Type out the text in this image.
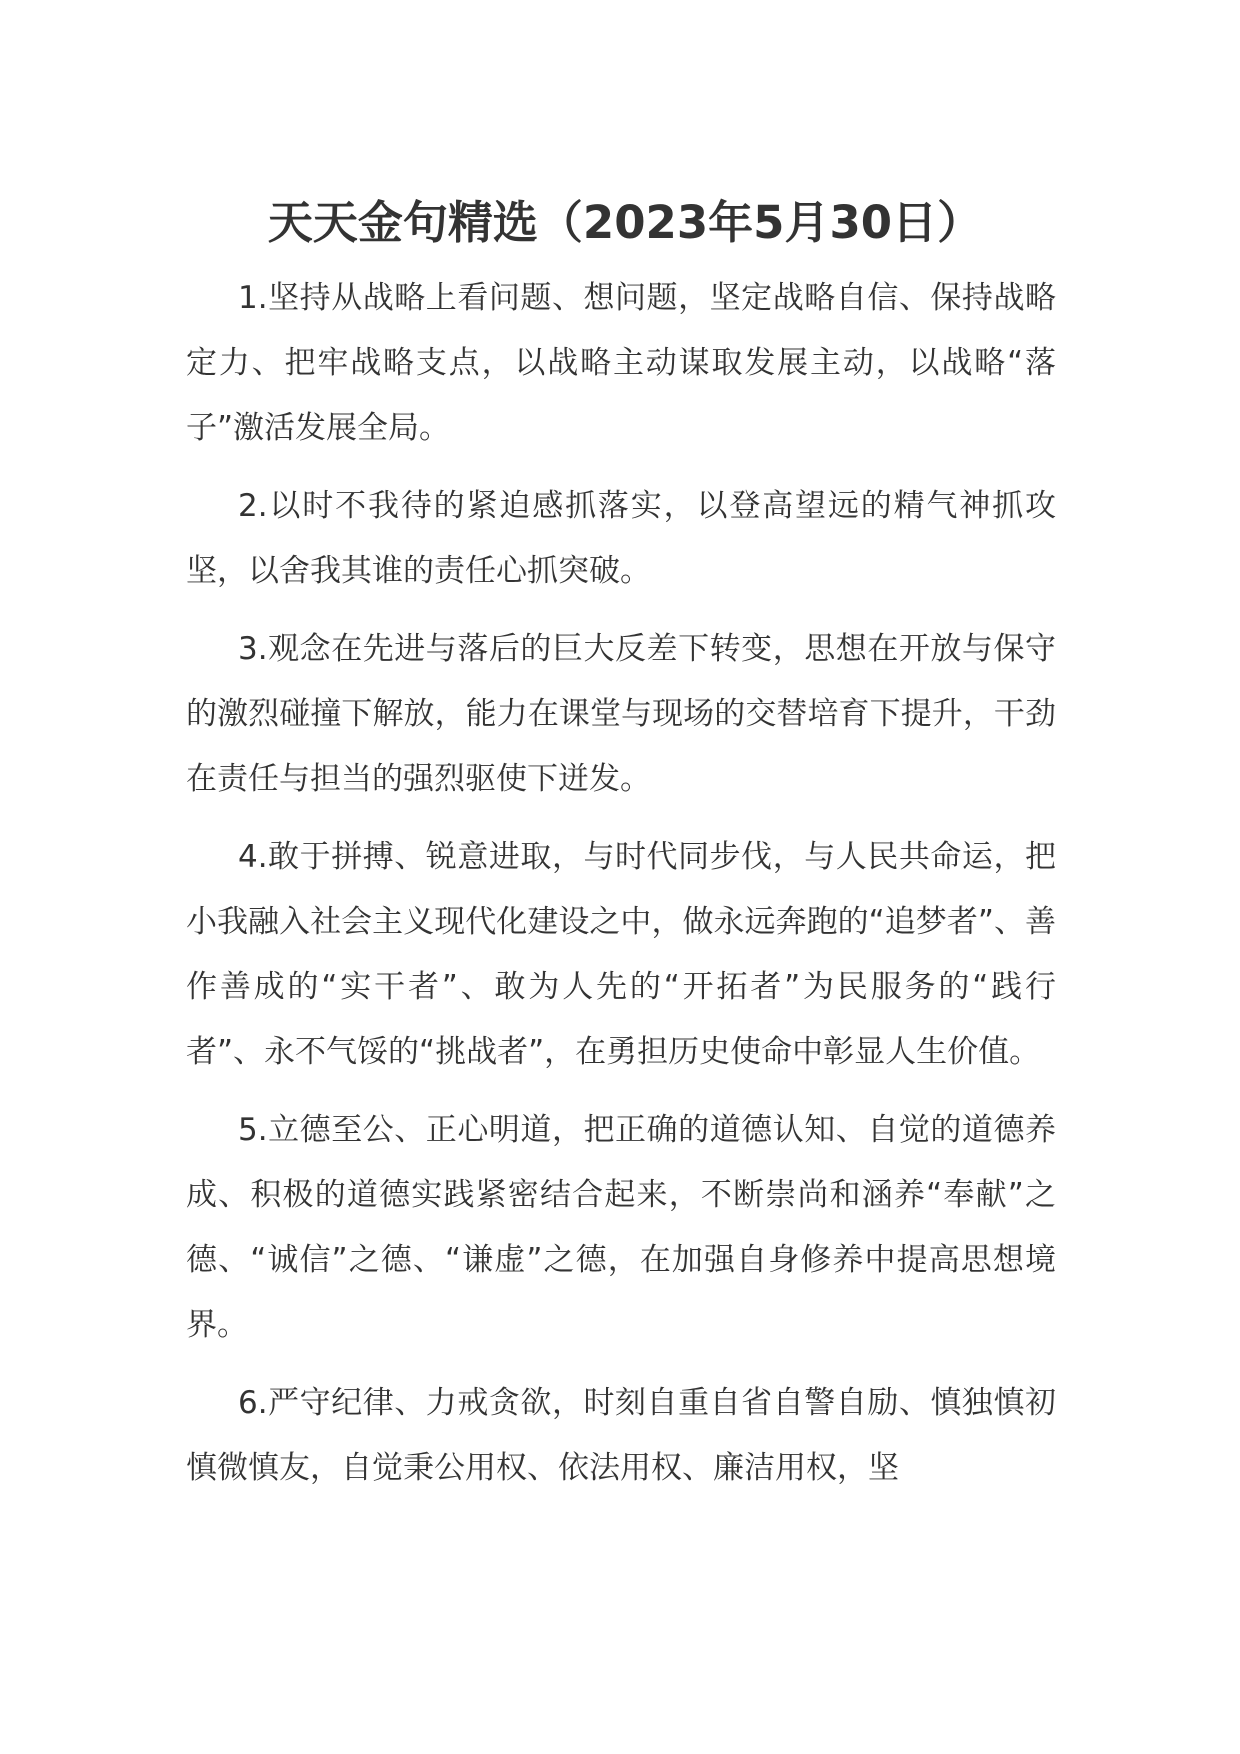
天天金句精选（2023年5月30日）

1.坚持从战略上看问题、想问题，坚定战略自信、保持战略定力、把牢战略支点，以战略主动谋取发展主动，以战略“落子”激活发展全局。

2.以时不我待的紧迫感抓落实，以登高望远的精气神抓攻坚，以舍我其谁的责任心抓突破。

3.观念在先进与落后的巨大反差下转变，思想在开放与保守的激烈碰撞下解放，能力在课堂与现场的交替培育下提升，干劲在责任与担当的强烈驱使下迸发。

4.敢于拼搏、锐意进取，与时代同步伐，与人民共命运，把小我融入社会主义现代化建设之中，做永远奔跑的“追梦者”、善作善成的“实干者”、敢为人先的“开拓者”为民服务的“践行者”、永不气馁的“挑战者”，在勇担历史使命中彰显人生价值。

5.立德至公、正心明道，把正确的道德认知、自觉的道德养成、积极的道德实践紧密结合起来，不断崇尚和涵养“奉献”之德、“诚信”之德、“谦虚”之德，在加强自身修养中提高思想境界。

6.严守纪律、力戒贪欲，时刻自重自省自警自励、慎独慎初慎微慎友，自觉秉公用权、依法用权、廉洁用权，坚
